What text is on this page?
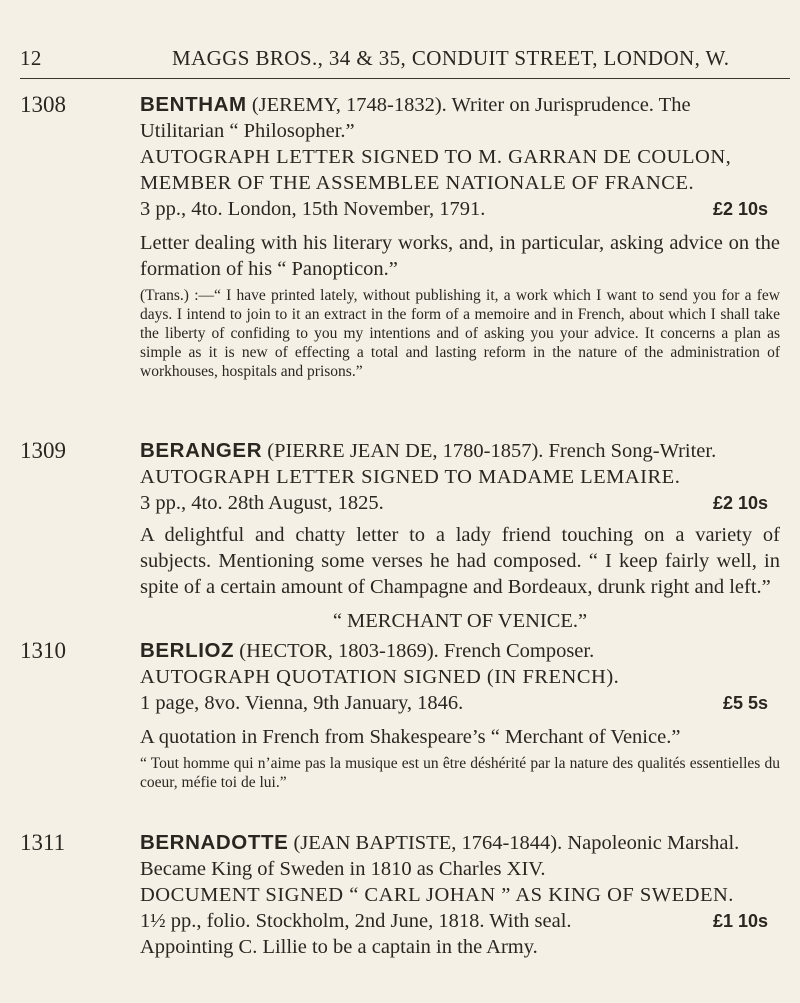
12	MAGGS BROS., 34 & 35, CONDUIT STREET, LONDON, W.
1308	BENTHAM (JEREMY, 1748-1832). Writer on Jurisprudence. The
Utilitarian “ Philosopher.”
AUTOGRAPH LETTER SIGNED TO M. GARRAN DE COULON,
MEMBER OF THE ASSEMBLEE NATIONALE OF FRANCE.
3 pp., 4to. London, 15th November, 1791.	£2 10s
Letter dealing with his literary works, and, in particular, asking advice on the formation of his “ Panopticon.”
(Trans.) :—“ I have printed lately, without publishing it, a work which I want to send you for a few days. I intend to join to it an extract in the form of a memoire and in French, about which I shall take the liberty of confiding to you my intentions and of asking you your advice. It concerns a plan as simple as it is new of effecting a total and lasting reform in the nature of the administration of workhouses, hospitals and prisons.”
1309	BERANGER (PIERRE JEAN DE, 1780-1857). French Song-Writer.
AUTOGRAPH LETTER SIGNED TO MADAME LEMAIRE.
3 pp., 4to. 28th August, 1825.	£2 10s
A delightful and chatty letter to a lady friend touching on a variety of subjects. Mentioning some verses he had composed. “ I keep fairly well, in spite of a certain amount of Champagne and Bordeaux, drunk right and left.”
“ MERCHANT OF VENICE.”
1310	BERLIOZ (HECTOR, 1803-1869). French Composer.
AUTOGRAPH QUOTATION SIGNED (IN FRENCH).
1 page, 8vo. Vienna, 9th January, 1846.	£5 5s
A quotation in French from Shakespeare’s “ Merchant of Venice.”
“ Tout homme qui n’aime pas la musique est un être déshérité par la nature des qualités essentielles du coeur, méfie toi de lui.”
1311	BERNADOTTE (JEAN BAPTISTE, 1764-1844). Napoleonic Marshal.
Became King of Sweden in 1810 as Charles XIV.
DOCUMENT SIGNED “ CARL JOHAN ” AS KING OF SWEDEN.
1½ pp., folio. Stockholm, 2nd June, 1818. With seal.	£1 10s
Appointing C. Lillie to be a captain in the Army.
